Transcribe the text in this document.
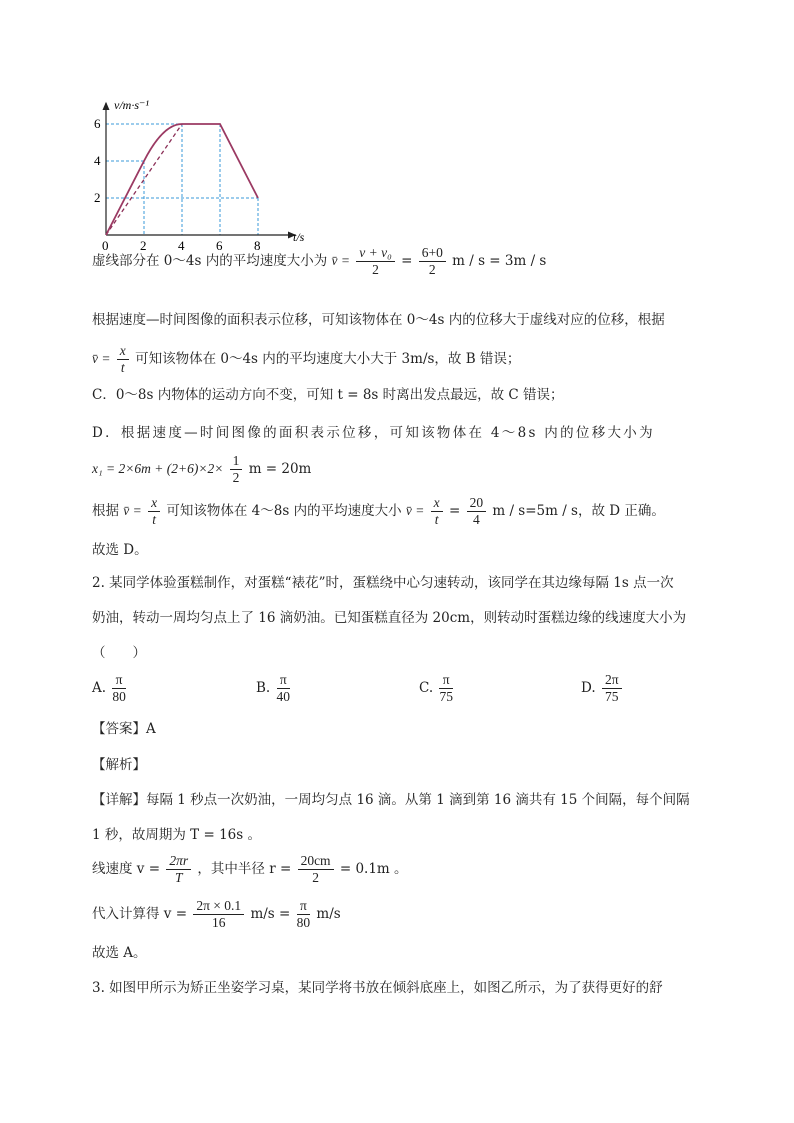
v/m·s⁻¹
t/s
0 2 4 6 8
2
4
6
虚线部分在 0～4s 内的平均速度大小为 v̄ = $\frac{\text{v + v₀}}{2} = \frac{6+0}{2}$ m / s = 3m / s
根据速度—时间图像的面积表示位移，可知该物体在 0～4s 内的位移大于虚线对应的位移，根据
v̄ = $\frac{x}{t}$ 可知该物体在 0～4s 内的平均速度大小大于 3m/s，故 B 错误；
C．0～8s 内物体的运动方向不变，可知 t = 8s 时离出发点最远，故 C 错误；
D．根据速度—时间图像的面积表示位移，可知该物体在 4～8s 内的位移大小为
$x_1 = 2\times 6m + (2+6)\times 2\times \frac{1}{2}$ m = 20m
根据 v̄ = $\frac{x}{t}$ 可知该物体在 4～8s 内的平均速度大小 v̄ = $\frac{x}{t} = \frac{20}{4}$ m / s=5m / s，故 D 正确。
故选 D。
2. 某同学体验蛋糕制作，对蛋糕“裱花”时，蛋糕绕中心匀速转动，该同学在其边缘每隔 1s 点一次
奶油，转动一周均匀点上了 16 滴奶油。已知蛋糕直径为 20cm，则转动时蛋糕边缘的线速度大小为
（　　）
A. $\frac{\pi}{80}$	B. $\frac{\pi}{40}$	C. $\frac{\pi}{75}$	D. $\frac{2\pi}{75}$
【答案】A
【解析】
【详解】每隔 1 秒点一次奶油，一周均匀点 16 滴。从第 1 滴到第 16 滴共有 15 个间隔，每个间隔
1 秒，故周期为 T = 16s 。
线速度 $v = \frac{2\pi r}{T}$ ，其中半径 $r = \frac{20cm}{2} = 0.1m$ 。
代入计算得 $v = \frac{2\pi \times 0.1}{16} m/s = \frac{\pi}{80} m/s$
故选 A。
3. 如图甲所示为矫正坐姿学习桌，某同学将书放在倾斜底座上，如图乙所示，为了获得更好的舒
